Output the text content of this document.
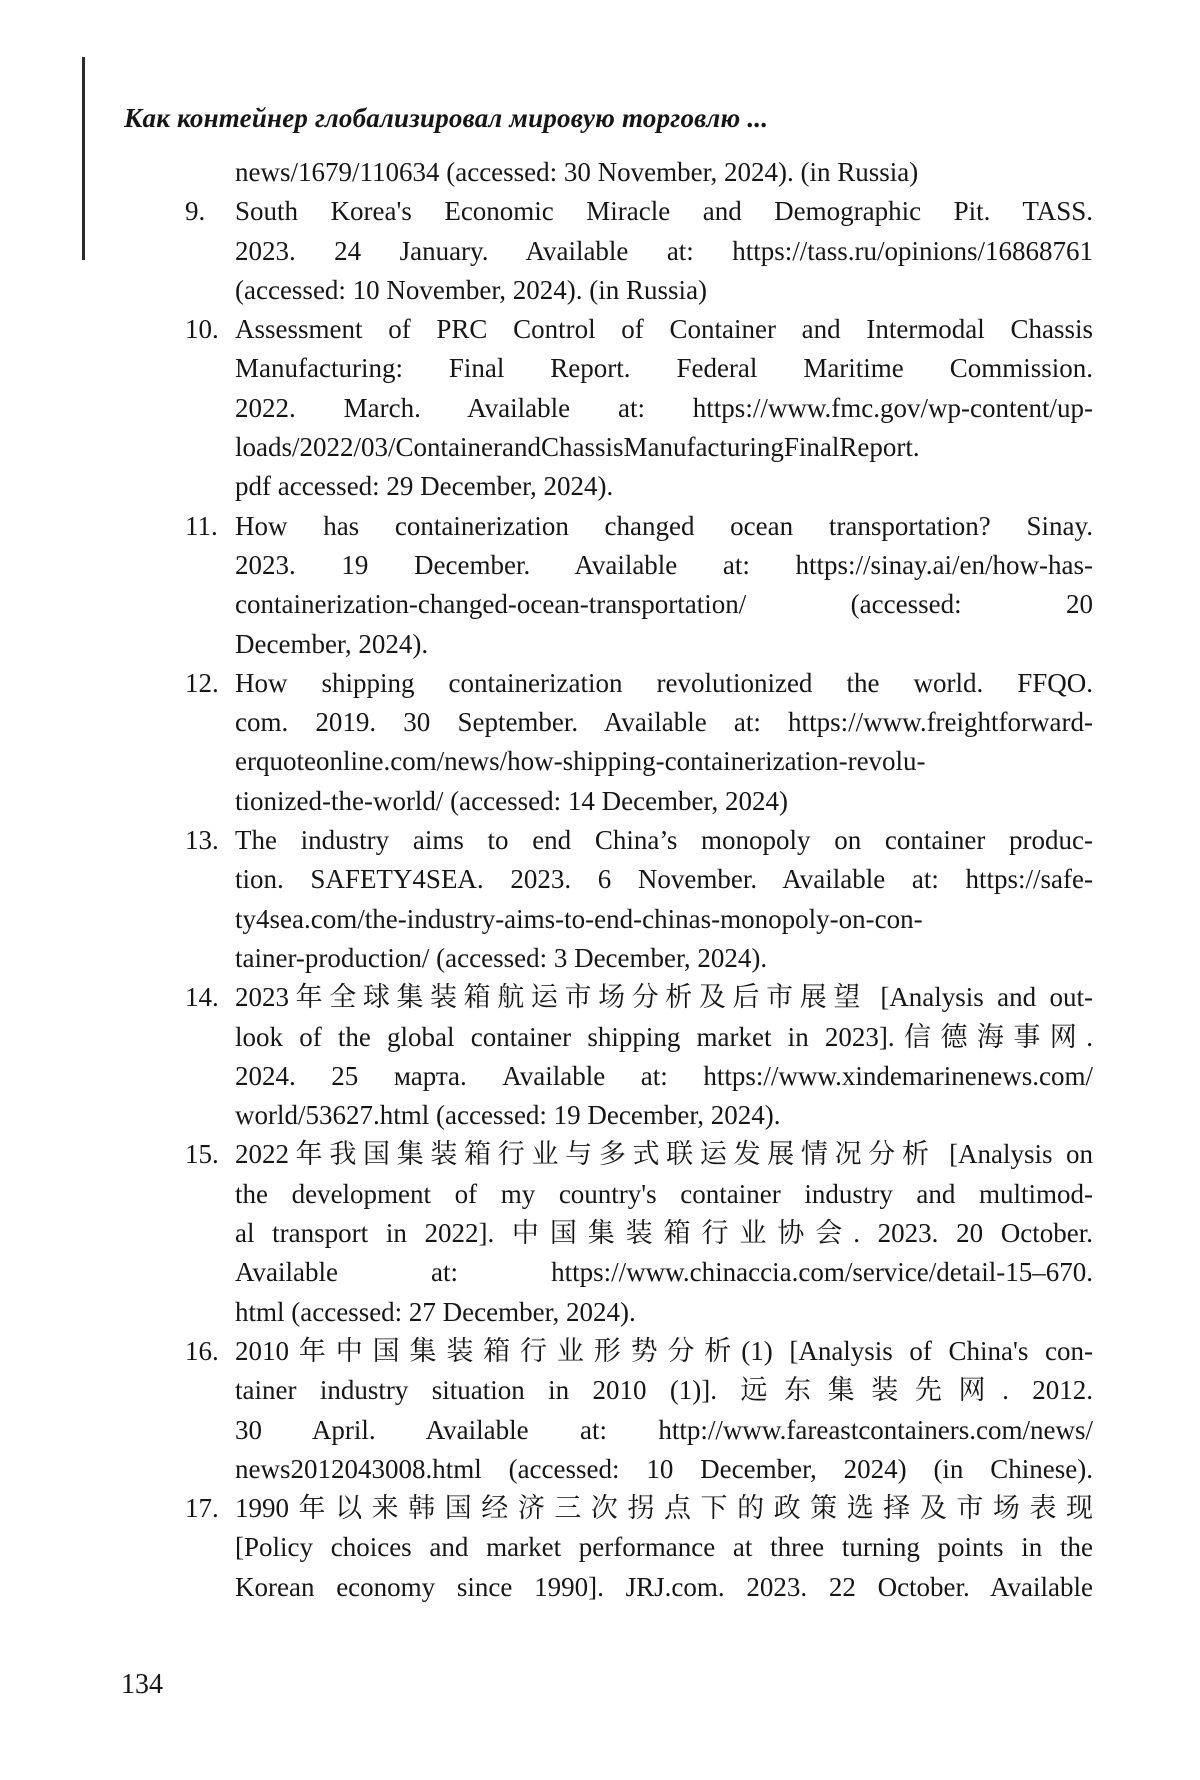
Как контейнер глобализировал мировую торговлю ...
news/1679/110634 (accessed: 30 November, 2024). (in Russia)
9.	South Korea's Economic Miracle and Demographic Pit. TASS.
2023. 24 January. Available at: https://tass.ru/opinions/16868761
(accessed: 10 November, 2024). (in Russia)
10. Assessment of PRC Control of Container and Intermodal Chassis
Manufacturing: Final Report. Federal Maritime Commission.
2022. March. Available at: https://www.fmc.gov/wp-content/up-
loads/2022/03/ContainerandChassisManufacturingFinalReport.
pdf accessed: 29 December, 2024).
11. How has containerization changed ocean transportation? Sinay.
2023. 19 December. Available at: https://sinay.ai/en/how-has-
containerization-changed-ocean-transportation/ (accessed: 20
December, 2024).
12. How shipping containerization revolutionized the world. FFQO.
com. 2019. 30 September. Available at: https://www.freightforward-
erquoteonline.com/news/how-shipping-containerization-revolu-
tionized-the-world/ (accessed: 14 December, 2024)
13. The industry aims to end China’s monopoly on container produc-
tion. SAFETY4SEA. 2023. 6 November. Available at: https://safe-
ty4sea.com/the-industry-aims-to-end-chinas-monopoly-on-con-
tainer-production/ (accessed: 3 December, 2024).
14. 2023年全球集装箱航运市场分析及后市展望 [Analysis and out-
look of the global container shipping market in 2023].信德海事网.
2024. 25 марта. Available at: https://www.xindemarinenews.com/
world/53627.html (accessed: 19 December, 2024).
15. 2022年我国集装箱行业与多式联运发展情况分析 [Analysis on
the development of my country's container industry and multimod-
al transport in 2022]. 中国集装箱行业协会. 2023. 20 October.
Available at: https://www.chinaccia.com/service/detail-15–670.
html (accessed: 27 December, 2024).
16. 2010年中国集装箱行业形势分析(1) [Analysis of China's con-
tainer industry situation in 2010 (1)]. 远东集装先网. 2012.
30 April. Available at: http://www.fareastcontainers.com/news/
news2012043008.html (accessed: 10 December, 2024) (in Chinese).
17. 1990年以来韩国经济三次拐点下的政策选择及市场表现
[Policy choices and market performance at three turning points in the
Korean economy since 1990]. JRJ.com. 2023. 22 October. Available
134
